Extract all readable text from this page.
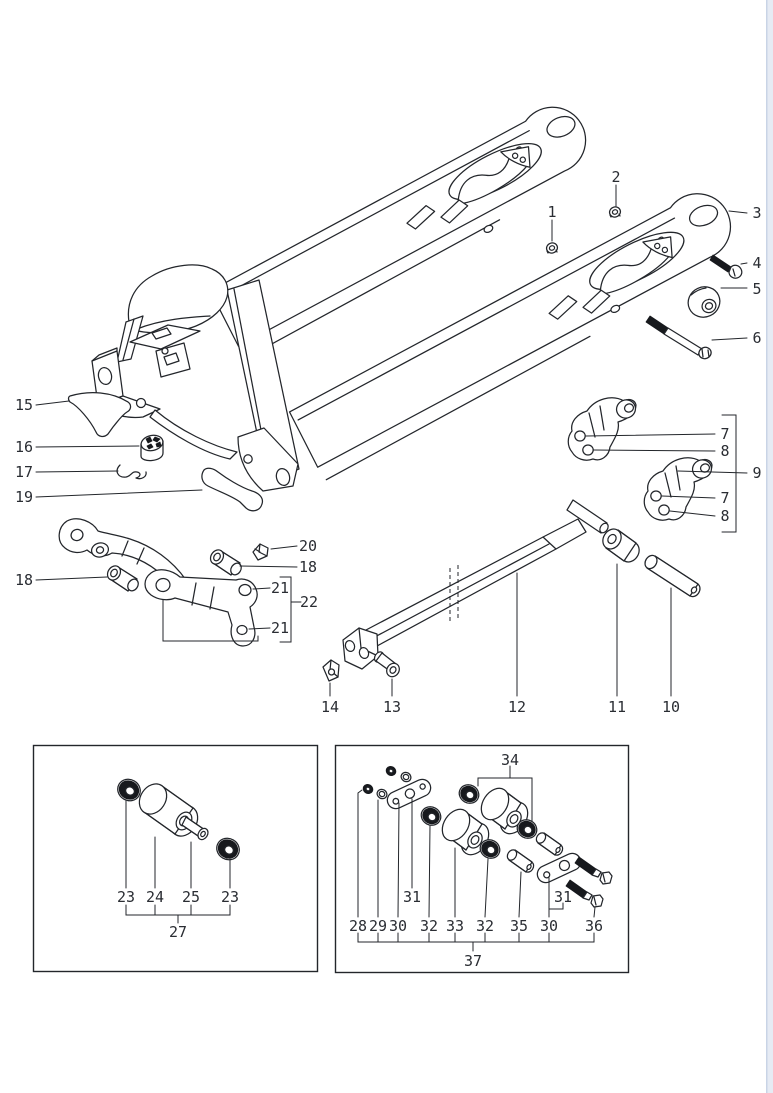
1
2
3
4
5
6
7
8
9
7
8
10
11
12
13
14
15
16
17
19
18
20
18
21
22
21
23 24 25 23
27	28 29 30
31
32 33 32
34
35 30
31
36
37
